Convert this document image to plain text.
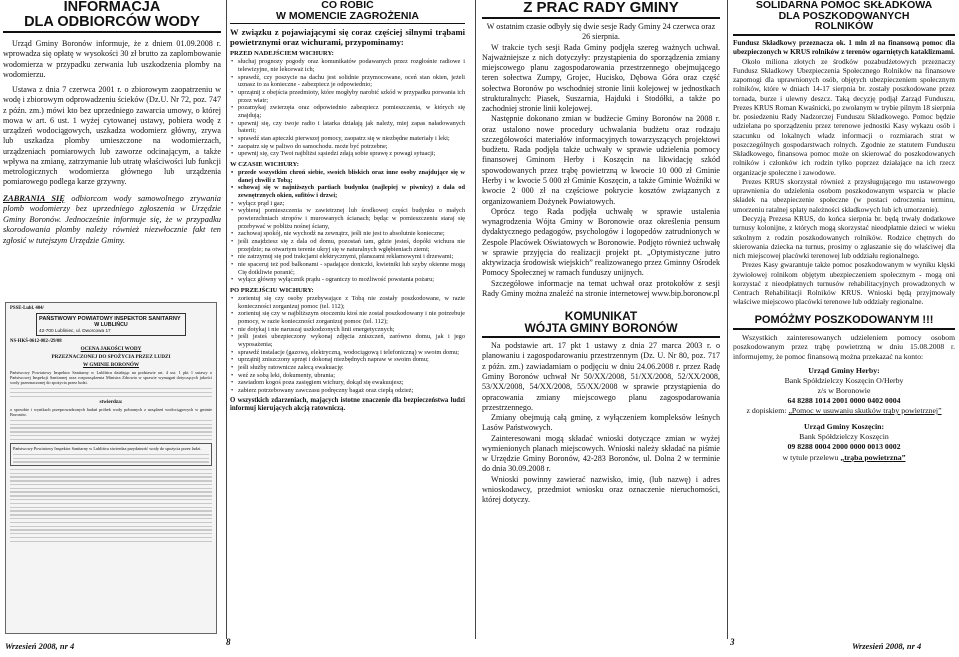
INFORMACJA
DLA ODBIORCÓW WODY

Urząd Gminy Boronów informuje, że z dniem 01.09.2008 r. wprowadza się opłatę w wysokości 30 zł brutto za zaplombowanie wodomierza w przypadku zerwania lub uszkodzenia plomby na wodomierzu.

Ustawa z dnia 7 czerwca 2001 r. o zbiorowym zaopatrzeniu w wodę i zbiorowym odprowadzeniu ścieków (Dz.U. Nr 72, poz. 747 z późn. zm.) mówi kto bez uprzedniego zawarcia umowy, o której mowa w art. 6 ust. 1 wyżej cytowanej ustawy, pobiera wodę z urządzeń wodociągowych, uszkadza wodomierz główny, zrywa lub uszkadza plomby umieszczone na wodomierzach, urządzeniach pomiarowych lub zaworze odcinającym, a także wpływa na zmianę, zatrzymanie lub utratę właściwości lub funkcji metrologicznych wodomierza głównego lub urządzenia pomiarowego podlega karze grzywny.

ZABRANIA SIĘ odbiorcom wody samowolnego zrywania plomb wodomierzy bez uprzedniego zgłoszenia w Urzędzie Gminy Boronów. Jednocześnie informuje się, że w przypadku skorodowania plomby należy również niezwłocznie fakt ten zgłosić w tutejszym Urzędzie Gminy.

PSSE-Lubl. 404/
PAŃSTWOWY POWIATOWY INSPEKTOR SANITARNY
W LUBLIŃCU
42-700 Lubliniec, ul. Dworcowa 17
NS-HKŚ-0612-082-/29/08
OCENA JAKOŚCI WODY
PRZEZNACZONEJ DO SPOŻYCIA PRZEZ LUDZI
W GMINIE BORONÓW
Państwowy Powiatowy Inspektor Sanitarny w Lublińcu działając na podstawie art. 4 ust. 1 pkt 1 ustawy o Państwowej Inspekcji Sanitarnej oraz rozporządzenia Ministra Zdrowia w sprawie wymagań dotyczących jakości wody przeznaczonej do spożycia przez ludzi.
stwierdza:
o sposobie i wynikach przeprowadzonych badań próbek wody pobranych z urządzeń wodociągowych w gminie Boronów.
Państwowy Powiatowy Inspektor Sanitarny w Lublińcu stwierdza przydatność wody do spożycia przez ludzi.
Wrzesień 2008, nr 4
CO ROBIĆ
W MOMENCIE ZAGROŻENIA

W związku z pojawiającymi się coraz częściej silnymi trąbami powietrznymi oraz wichurami, przypominamy:

PRZED NADEJŚCIEM WICHURY:
• słuchaj prognozy pogody oraz komunikatów podawanych przez rozgłośnie radiowe i telewizyjne, nie lekceważ ich;
• sprawdź, czy poszycie na dachu jest solidnie przymocowane, oceń stan okien, jeżeli uznasz to za konieczne - zabezpiecz je odpowiednio;
• uprzątnij z obejścia przedmioty, które mogłyby narobić szkód w przypadku porwania ich przez wiatr;
• pozamykaj zwierzęta oraz odpowiednio zabezpiecz pomieszczenia, w których się znajdują;
• upewnij się, czy twoje radio i latarka działają jak należy, miej zapas naładowanych baterii;
• sprawdź stan apteczki pierwszej pomocy, zaopatrz się w niezbędne materiały i leki;
• zaopatrz się w paliwo do samochodu. może być potrzebne;
• upewnij się, czy Twoi najbliżsi sąsiedzi zdają sobie sprawę z powagi sytuacji;
W CZASIE WICHURY:
• przede wszystkim chroń siebie, swoich bliskich oraz inne osoby znajdujące się w danej chwili z Tobą;
• schowaj się w najniższych partiach budynku (najlepiej w piwnicy) z dala od zewnętrznych okien, sufitów i drzwi;
• wyłącz prąd i gaz;
• wybieraj pomieszczenia w zawietrznej lub środkowej części budynku o małych powierzchniach stropów i murowanych ścianach; będąc w pomieszczeniu staraj się przebywać w pobliżu nośnej ściany,
• zachowaj spokój, nie wychodź na zewnątrz, jeśli nie jest to absolutnie konieczne;
• jeśli znajdziesz się z dala od domu, pozostań tam, gdzie jesteś, dopóki wichura nie przejdzie; na otwartym terenie ukryj się w naturalnych wgłębieniach ziemi;
• nie zatrzymuj się pod trakcjami elektrycznymi, planszami reklamowymi i drzewami;
• nie spaceruj też pod balkonami - spadające doniczki, kwietniki lub szyby okienne mogą Cię dotkliwie poranić;
• wyłącz główny wyłącznik prądu - ograniczy to możliwość powstania pożaru;
PO PRZEJŚCIU WICHURY:
• zorientuj się czy osoby przebywające z Tobą nie zostały poszkodowane, w razie konieczności zorganizuj pomoc (tel. 112);
• zorientuj się czy w najbliższym otoczeniu ktoś nie został poszkodowany i nie potrzebuje pomocy, w razie konieczności zorganizuj pomoc (tel. 112);
• nie dotykaj i nie naruszaj uszkodzonych linii energetycznych;
• jeśli jesteś ubezpieczony wykonaj zdjęcia zniszczeń, zarówno domu, jak i jego wyposażenia;
• sprawdź instalacje (gazową, elektryczną, wodociągową i telefoniczną) w swoim domu;
• uprzątnij zniszczony sprzęt i dokonaj niezbędnych napraw w swoim domu;
• jeśli służby ratownicze zalecą ewakuację:
• weź ze sobą leki, dokumenty, ubrania;
• zawiadom kogoś poza zasięgiem wichury, dokąd się ewakuujesz;
• zabierz potrzebowany zawczasu podręczny bagaż oraz ciepłą odzież;

O wszystkich zdarzeniach, mających istotne znaczenie dla bezpieczeństwa ludzi informuj kierujących akcją ratowniczą.

8
Z PRAC RADY GMINY

W ostatnim czasie odbyły się dwie sesje Rady Gminy 24 czerwca oraz 26 sierpnia.

W trakcie tych sesji Rada Gminy podjęła szereg ważnych uchwał. Najważniejsze z nich dotyczyły: przystąpienia do sporządzenia zmiany miejscowego planu zagospodarowania przestrzennego obejmującego teren sołectwa Zumpy, Grojec, Hucisko, Dębowa Góra oraz część sołectwa Boronów po wschodniej stronie linii kolejowej w jednostkach strukturalnych: Piasek, Suszarnia, Hajduki i Stodółki, a także po zachodniej stronie linii kolejowej.

Następnie dokonano zmian w budżecie Gminy Boronów na 2008 r. oraz ustalono nowe procedury uchwalania budżetu oraz rodzaju szczegółowości materiałów informacyjnych towarzyszących projektowi budżetu. Rada podjęła także uchwały w sprawie udzielenia pomocy finansowej Gminom Herby i Koszęcin na likwidację szkód spowodowanych przez trąbę powietrzną w kwocie 10 000 zł Gminie Herby i w kwocie 5 000 zł Gminie Koszęcin, a także Gminie Woźniki w kwocie 2 000 zł na częściowe pokrycie kosztów związanych z organizowaniem Dożynek Powiatowych.

Oprócz tego Rada podjęła uchwałę w sprawie ustalenia wynagrodzenia Wójta Gminy w Boronowie oraz określenia pensum dydaktycznego pedagogów, psychologów i logopedów zatrudnionych w Zespole Placówek Oświatowych w Boronowie. Podjęto również uchwałę w sprawie przyjęcia do realizacji projekt pt. „Optymistyczne jutro aktywizacja środowisk wiejskich” realizowanego przez Gminny Ośrodek Pomocy Społecznej w ramach funduszy unijnych.

Szczegółowe informacje na temat uchwał oraz protokołów z sesji Rady Gminy można znaleźć na stronie internetowej www.bip.boronow.pl

KOMUNIKAT
WÓJTA GMINY BORONÓW

Na podstawie art. 17 pkt 1 ustawy z dnia 27 marca 2003 r. o planowaniu i zagospodarowaniu przestrzennym (Dz. U. Nr 80, poz. 717 z późn. zm.) zawiadamiam o podjęciu w dniu 24.06.2008 r. przez Radę Gminy Boronów uchwał Nr 50/XX/2008, 51/XX/2008, 52/XX/2008, 53/XX/2008, 54/XX/2008, 55/XX/2008 w sprawie przystąpienia do opracowania zmiany miejscowego planu zagospodarowania przestrzennego.

Zmiany obejmują całą gminę, z wyłączeniem kompleksów leśnych Lasów Państwowych.

Zainteresowani mogą składać wnioski dotyczące zmian w wyżej wymienionych planach miejscowych. Wnioski należy składać na piśmie w Urzędzie Gminy Boronów, 42-283 Boronów, ul. Dolna 2 w terminie do dnia 30.09.2008 r.

Wnioski powinny zawierać nazwisko, imię, (lub nazwę) i adres wnioskodawcy, przedmiot wniosku oraz oznaczenie nieruchomości, której dotyczy.

3
SOLIDARNA POMOC SKŁADKOWA
DLA POSZKODOWANYCH
ROLNIKÓW

Fundusz Składkowy przeznacza ok. 1 mln zł na finansową pomoc dla ubezpieczonych w KRUS rolników z terenów ogarniętych kataklizmami.

Około miliona złotych ze środków pozabudżetowych przeznaczy Fundusz Składkowy Ubezpieczenia Społecznego Rolników na finansowe zapomogi dla uprawnionych osób, objętych ubezpieczeniem społecznym rolników, które w dniach 14-17 sierpnia br. zostały poszkodowane przez tornada, burze i ulewny deszcz. Taką decyzję podjął Zarząd Funduszu, Prezes KRUS Roman Kwaśnicki, po zwołanym w trybie pilnym 18 sierpnia br. posiedzeniu Rady Nadzorczej Funduszu Składkowego. Pomoc będzie udzielana po sporządzeniu przez terenowe jednostki Kasy wykazu osób i szacunku od lokalnych władz informacji o rozmiarach strat w poszczególnych gospodarstwach rolnych. Zgodnie ze statutem Funduszu Składkowego, finansowa pomoc może on skierować do poszkodowanych rolników i członków ich rodzin tylko poprzez działające na ich rzecz organizacje społeczne i zawodowe.

Prezes KRUS skorzystał również z przysługującego mu ustawowego uprawnienia do udzielenia osobom poszkodowanym wsparcia w płacie składek na ubezpieczenie społeczne (w postaci odroczenia terminu, umorzeniu ratalnej spłaty należności składkowych lub ich umorzenie).

Decyzją Prezesa KRUS, do końca sierpnia br. będą trwały dodatkowe turnusy kolonijne, z których mogą skorzystać nieodpłatnie dzieci w wieku szkolnym z rodzin poszkodowanych rolników. Rodzice chętnych do skierowania dziecka na turnus, prosimy o zgłaszanie się do właściwej dla nich miejscowej placówki terenowej lub oddziału regionalnego.

Prezes Kasy gwarantuje także pomoc poszkodowanym w wyniku klęski żywiołowej rolnikom objętym ubezpieczeniem społecznym - mogą oni korzystać z nieodpłatnych turnusów rehabilitacyjnych prowadzonych w Centrach Rehabilitacji Rolników KRUS. Wnioski będą przyjmowały właściwe miejscowo placówki terenowe lub oddziały regionalne.

POMÓŻMY POSZKODOWANYM !!!

Wszystkich zainteresowanych udzieleniem pomocy osobom poszkodowanym przez trąbę powietrzną w dniu 15.08.2008 r. informujemy, że pomoc finansową można przekazać na konto:

Urząd Gminy Herby:
Bank Spółdzielczy Koszęcin O/Herby
z/s w Boronowie
64 8288 1014 2001 0000 0402 0004
z dopiskiem: „Pomoc w usuwaniu skutków trąby powietrznej”
Urząd Gminy Koszęcin:
Bank Spółdzielczy Koszęcin
09 8288 0004 2000 0000 0013 0002
w tytule przelewu „trąba powietrzna”
Wrzesień 2008, nr 4
